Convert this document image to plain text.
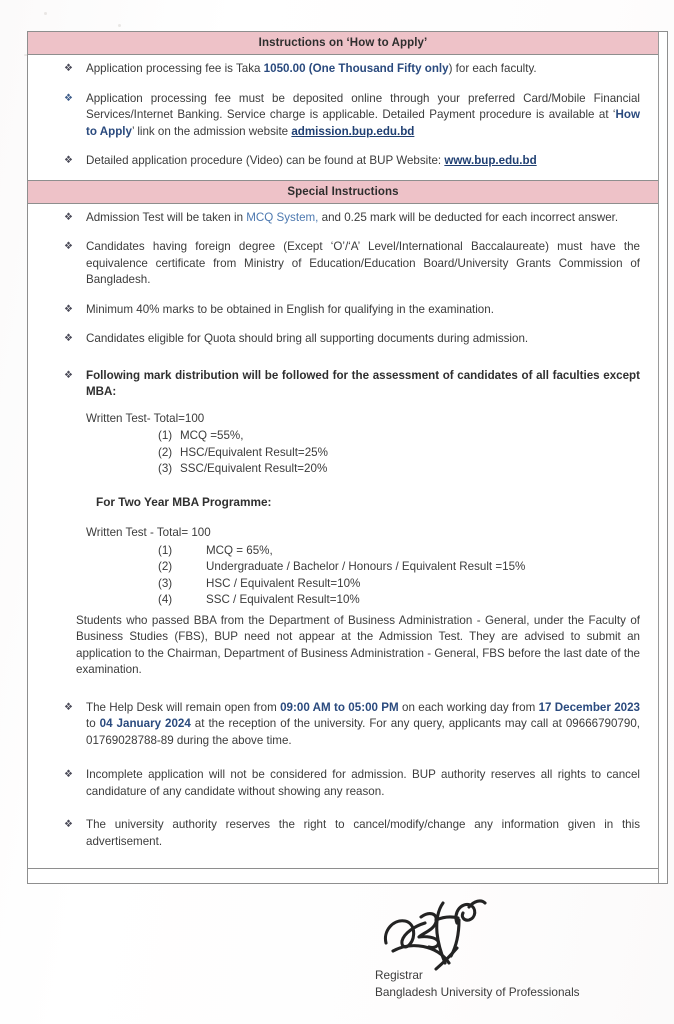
Instructions on ‘How to Apply’
❖	Application processing fee is Taka 1050.00 (One Thousand Fifty only) for each faculty.
❖	Application processing fee must be deposited online through your preferred Card/Mobile Financial Services/Internet Banking. Service charge is applicable. Detailed Payment procedure is available at ‘How to Apply’ link on the admission website admission.bup.edu.bd
❖	Detailed application procedure (Video) can be found at BUP Website: www.bup.edu.bd
Special Instructions
❖	Admission Test will be taken in MCQ System, and 0.25 mark will be deducted for each incorrect answer.
❖	Candidates having foreign degree (Except ‘O’/‘A’ Level/International Baccalaureate) must have the equivalence certificate from Ministry of Education/Education Board/University Grants Commission of Bangladesh.
❖	Minimum 40% marks to be obtained in English for qualifying in the examination.
❖	Candidates eligible for Quota should bring all supporting documents during admission.
❖	Following mark distribution will be followed for the assessment of candidates of all faculties except MBA:
Written Test- Total=100
(1) MCQ =55%,
(2) HSC/Equivalent Result=25%
(3) SSC/Equivalent Result=20%
For Two Year MBA Programme:
Written Test - Total= 100
(1)	MCQ = 65%,
(2)	Undergraduate / Bachelor / Honours / Equivalent Result =15%
(3)	HSC / Equivalent Result=10%
(4)	SSC / Equivalent Result=10%
Students who passed BBA from the Department of Business Administration - General, under the Faculty of Business Studies (FBS), BUP need not appear at the Admission Test. They are advised to submit an application to the Chairman, Department of Business Administration - General, FBS before the last date of the examination.
❖	The Help Desk will remain open from 09:00 AM to 05:00 PM on each working day from 17 December 2023 to 04 January 2024 at the reception of the university. For any query, applicants may call at 09666790790, 01769028788-89 during the above time.
❖	Incomplete application will not be considered for admission. BUP authority reserves all rights to cancel candidature of any candidate without showing any reason.
❖	The university authority reserves the right to cancel/modify/change any information given in this advertisement.
Registrar
Bangladesh University of Professionals
